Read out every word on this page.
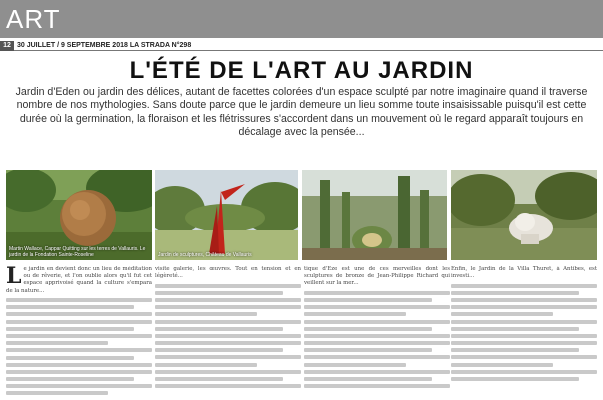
ART
12 30 JUILLET / 9 SEPTEMBRE 2018 LA STRADA N°298
L'ÉTÉ DE L'ART AU JARDIN

Jardin d'Eden ou jardin des délices, autant de facettes colorées d'un espace sculpté par notre imaginaire quand il traverse nombre de nos mythologies. Sans doute parce que le jardin demeure un lieu somme toute insaisissable puisqu'il est cette durée où la germination, la floraison et les flétrissures s'accordent dans un mouvement où le regard apparaît toujours en décalage avec la pensée...

Martin Wallace, Cappar Quitting sur les terres de Vallauris. Le jardin de la Fondation Sainte-Roseline	Jardin de sculptures, Château de Vallauris
L e jardin en devient donc un lieu de méditation ou de rêverie, et l'on oublie alors qu'il fut cet espace apprivoisé quand la culture s'empara de la nature...
visite galerie, les œuvres. Tout en tension et en légèreté...
tique d'Eze est une de ces merveilles dont les sculptures de bronze de Jean-Philippe Richard qui veillent sur la mer...
Enfin, le Jardin de la Villa Thuret, à Antibes, est investi...
